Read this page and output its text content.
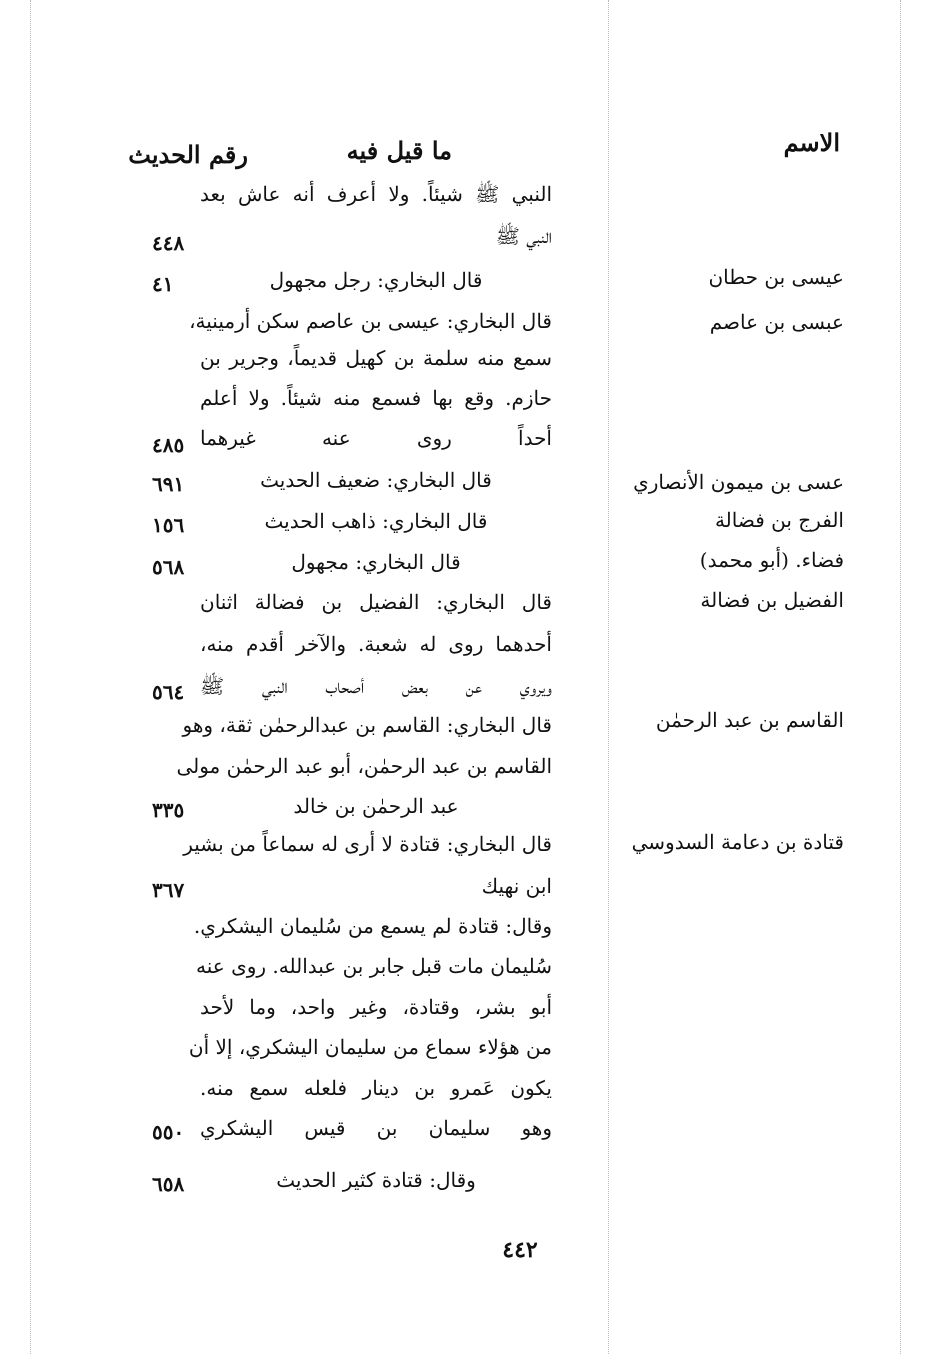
الاسم
ما قيل فيه
رقم الحديث
النبي ﷺ شيئاً. ولا أعرف أنه عاش بعد
النبي ﷺ
٤٤٨
عيسى بن حطان
قال البخاري: رجل مجهول
٤١
عبسى بن عاصم
قال البخاري: عيسى بن عاصم سكن أرمينية،
سمع منه سلمة بن كهيل قديماً، وجرير بن
حازم. وقع بها فسمع منه شيئاً. ولا أعلم
أحداً روى عنه غيرهما
٤٨٥
عسى بن ميمون الأنصاري
قال البخاري: ضعيف الحديث
٦٩١
الفرج بن فضالة
قال البخاري: ذاهب الحديث
١٥٦
فضاء. (أبو محمد)
قال البخاري: مجهول
٥٦٨
الفضيل بن فضالة
قال البخاري: الفضيل بن فضالة اثنان
أحدهما روى له شعبة. والآخر أقدم منه،
ويروي عن بعض أصحاب النبي ﷺ
٥٦٤
القاسم بن عبد الرحمٰن
قال البخاري: القاسم بن عبدالرحمٰن ثقة، وهو
القاسم بن عبد الرحمٰن، أبو عبد الرحمٰن مولى
عبد الرحمٰن بن خالد
٣٣٥
قتادة بن دعامة السدوسي
قال البخاري: قتادة لا أرى له سماعاً من بشير
ابن نهيك
٣٦٧
وقال: قتادة لم يسمع من سُليمان اليشكري.
سُليمان مات قبل جابر بن عبدالله. روى عنه
أبو بشر، وقتادة، وغير واحد، وما لأحد
من هؤلاء سماع من سليمان اليشكري، إلا أن
يكون عَمرو بن دينار فلعله سمع منه.
وهو سليمان بن قيس اليشكري
٥٥٠
وقال: قتادة كثير الحديث
٦٥٨
٤٤٢
